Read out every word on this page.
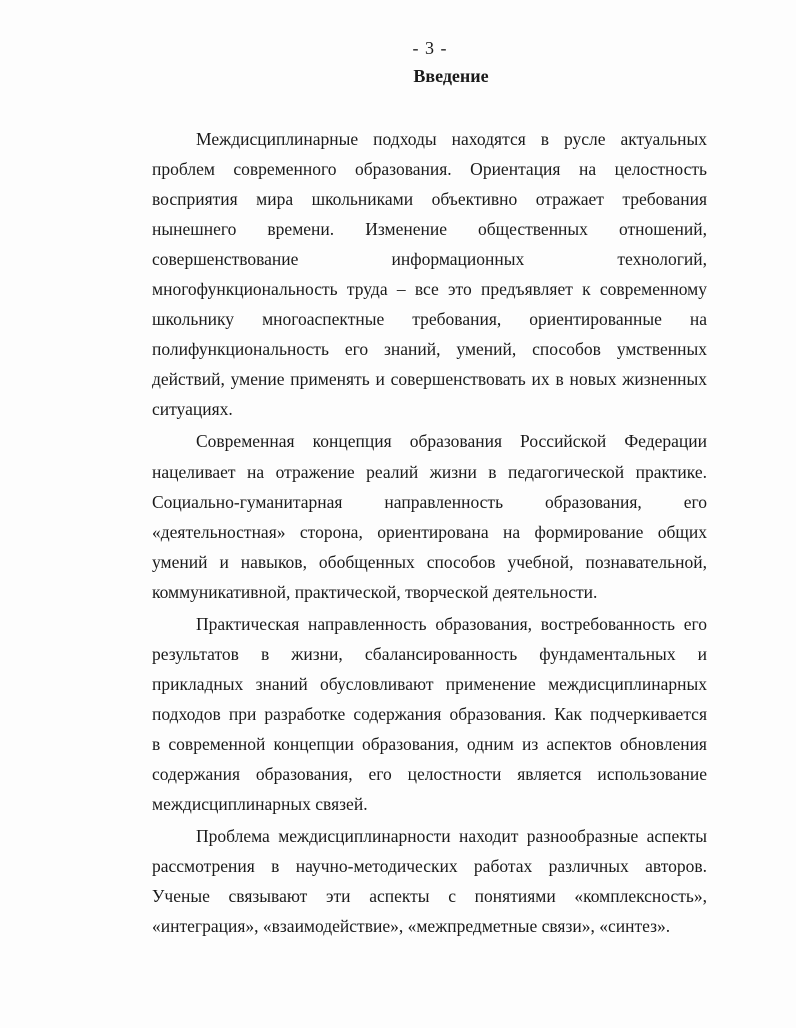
- 3 -
Введение
Междисциплинарные подходы находятся в русле актуальных
проблем современного образования. Ориентация на целостность
восприятия мира школьниками объективно отражает требования
нынешнего времени. Изменение общественных отношений,
совершенствование информационных технологий,
многофункциональность труда – все это предъявляет к современному
школьнику многоаспектные требования, ориентированные на
полифункциональность его знаний, умений, способов умственных
действий, умение применять и совершенствовать их в новых жизненных
ситуациях.
Современная концепция образования Российской Федерации
нацеливает на отражение реалий жизни в педагогической практике.
Социально-гуманитарная направленность образования, его
«деятельностная» сторона, ориентирована на формирование общих
умений и навыков, обобщенных способов учебной, познавательной,
коммуникативной, практической, творческой деятельности.
Практическая направленность образования, востребованность его
результатов в жизни, сбалансированность фундаментальных и
прикладных знаний обусловливают применение междисциплинарных
подходов при разработке содержания образования. Как подчеркивается
в современной концепции образования, одним из аспектов обновления
содержания образования, его целостности является использование
междисциплинарных связей.
Проблема междисциплинарности находит разнообразные аспекты
рассмотрения в научно-методических работах различных авторов.
Ученые связывают эти аспекты с понятиями «комплексность»,
«интеграция», «взаимодействие», «межпредметные связи», «синтез».
